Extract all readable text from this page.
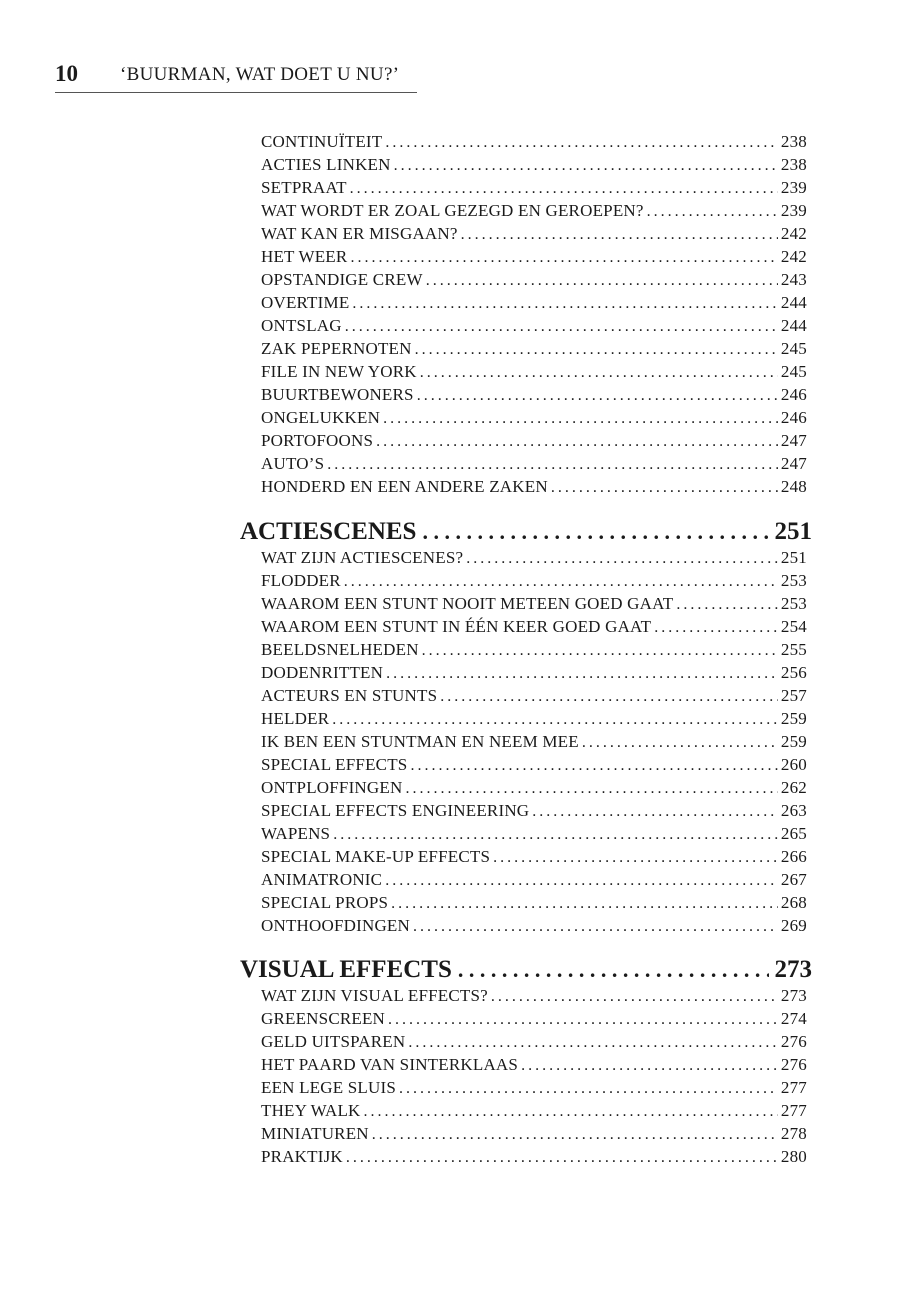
10 ‘BUURMAN, WAT DOET U NU?’
CONTINUÏTEIT . . .	238
ACTIES LINKEN . . .	238
SETPRAAT . . .	239
WAT WORDT ER ZOAL GEZEGD EN GEROEPEN? . . .	239
WAT KAN ER MISGAAN? . . .	242
HET WEER . . .	242
OPSTANDIGE CREW . . .	243
OVERTIME . . .	244
ONTSLAG . . .	244
ZAK PEPERNOTEN . . .	245
FILE IN NEW YORK . . .	245
BUURTBEWONERS . . .	246
ONGELUKKEN . . .	246
PORTOFOONS . . .	247
AUTO’S . . .	247
HONDERD EN EEN ANDERE ZAKEN . . .	248
ACTIESCENES . . .	251
WAT ZIJN ACTIESCENES? . . .	251
FLODDER . . .	253
WAAROM EEN STUNT NOOIT METEEN GOED GAAT . . .	253
WAAROM EEN STUNT IN ÉÉN KEER GOED GAAT . . .	254
BEELDSNELHEDEN . . .	255
DODENRITTEN . . .	256
ACTEURS EN STUNTS . . .	257
HELDER . . .	259
IK BEN EEN STUNTMAN EN NEEM MEE . . .	259
SPECIAL EFFECTS . . .	260
ONTPLOFFINGEN . . .	262
SPECIAL EFFECTS ENGINEERING . . .	263
WAPENS . . .	265
SPECIAL MAKE-UP EFFECTS . . .	266
ANIMATRONIC . . .	267
SPECIAL PROPS . . .	268
ONTHOOFDINGEN . . .	269
VISUAL EFFECTS . . .	273
WAT ZIJN VISUAL EFFECTS? . . .	273
GREENSCREEN . . .	274
GELD UITSPAREN . . .	276
HET PAARD VAN SINTERKLAAS . . .	276
EEN LEGE SLUIS . . .	277
THEY WALK . . .	277
MINIATUREN . . .	278
PRAKTIJK . . .	280
